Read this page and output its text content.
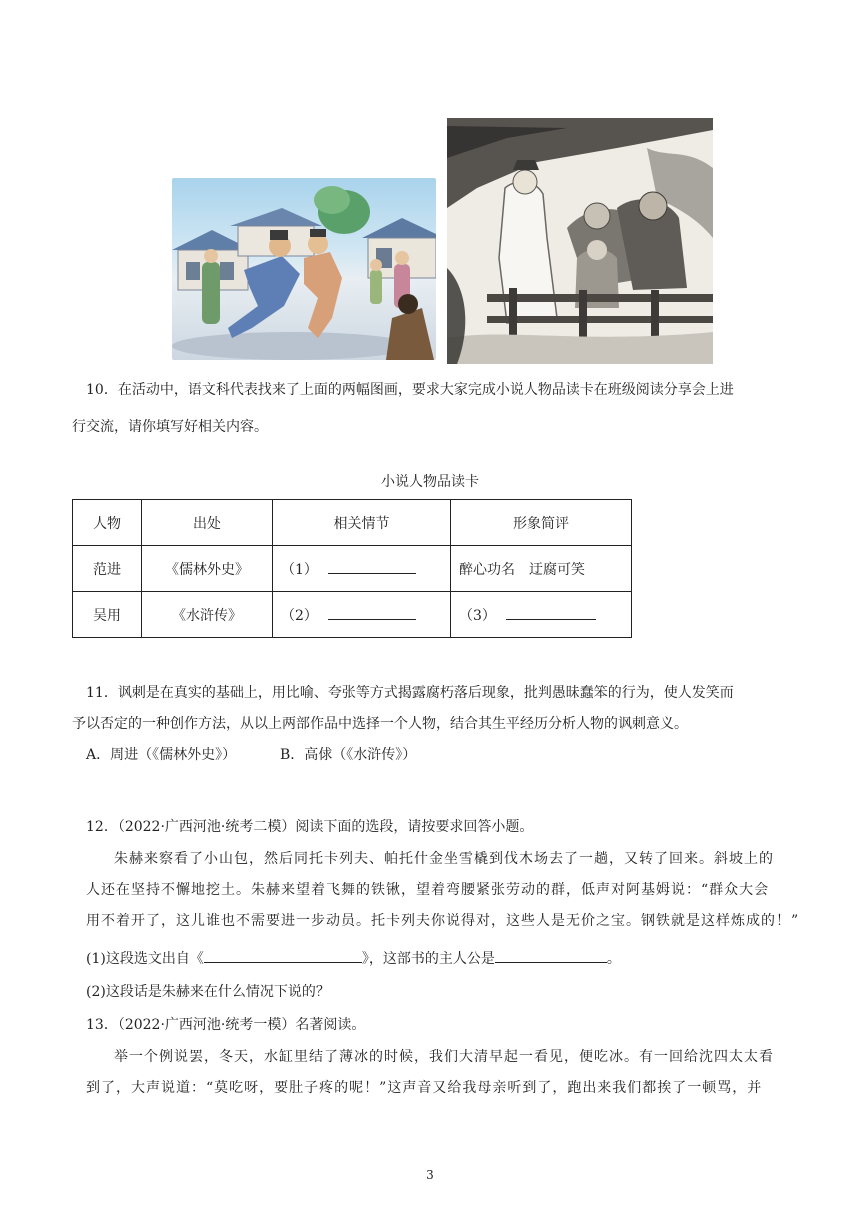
10．在活动中，语文科代表找来了上面的两幅图画，要求大家完成小说人物品读卡在班级阅读分享会上进
行交流，请你填写好相关内容。
小说人物品读卡
人物	出处	相关情节	形象简评
范进	《儒林外史》	（1）	醉心功名　迂腐可笑
吴用	《水浒传》	（2）	（3）
11．讽刺是在真实的基础上，用比喻、夸张等方式揭露腐朽落后现象，批判愚昧蠢笨的行为，使人发笑而
予以否定的一种创作方法，从以上两部作品中选择一个人物，结合其生平经历分析人物的讽刺意义。
A．周进（《儒林外史》）	B．高俅（《水浒传》）
12．（2022·广西河池·统考二模）阅读下面的选段，请按要求回答小题。
朱赫来察看了小山包，然后同托卡列夫、帕托什金坐雪橇到伐木场去了一趟，又转了回来。斜坡上的
人还在坚持不懈地挖土。朱赫来望着飞舞的铁锹，望着弯腰紧张劳动的群，低声对阿基姆说：“群众大会
用不着开了，这儿谁也不需要进一步动员。托卡列夫你说得对，这些人是无价之宝。钢铁就是这样炼成的！”
(1)这段选文出自《	》，这部书的主人公是	。
(2)这段话是朱赫来在什么情况下说的？
13．（2022·广西河池·统考一模）名著阅读。
举一个例说罢，冬天，水缸里结了薄冰的时候，我们大清早起一看见，便吃冰。有一回给沈四太太看
到了，大声说道：“莫吃呀，要肚子疼的呢！”这声音又给我母亲听到了，跑出来我们都挨了一顿骂，并
3
